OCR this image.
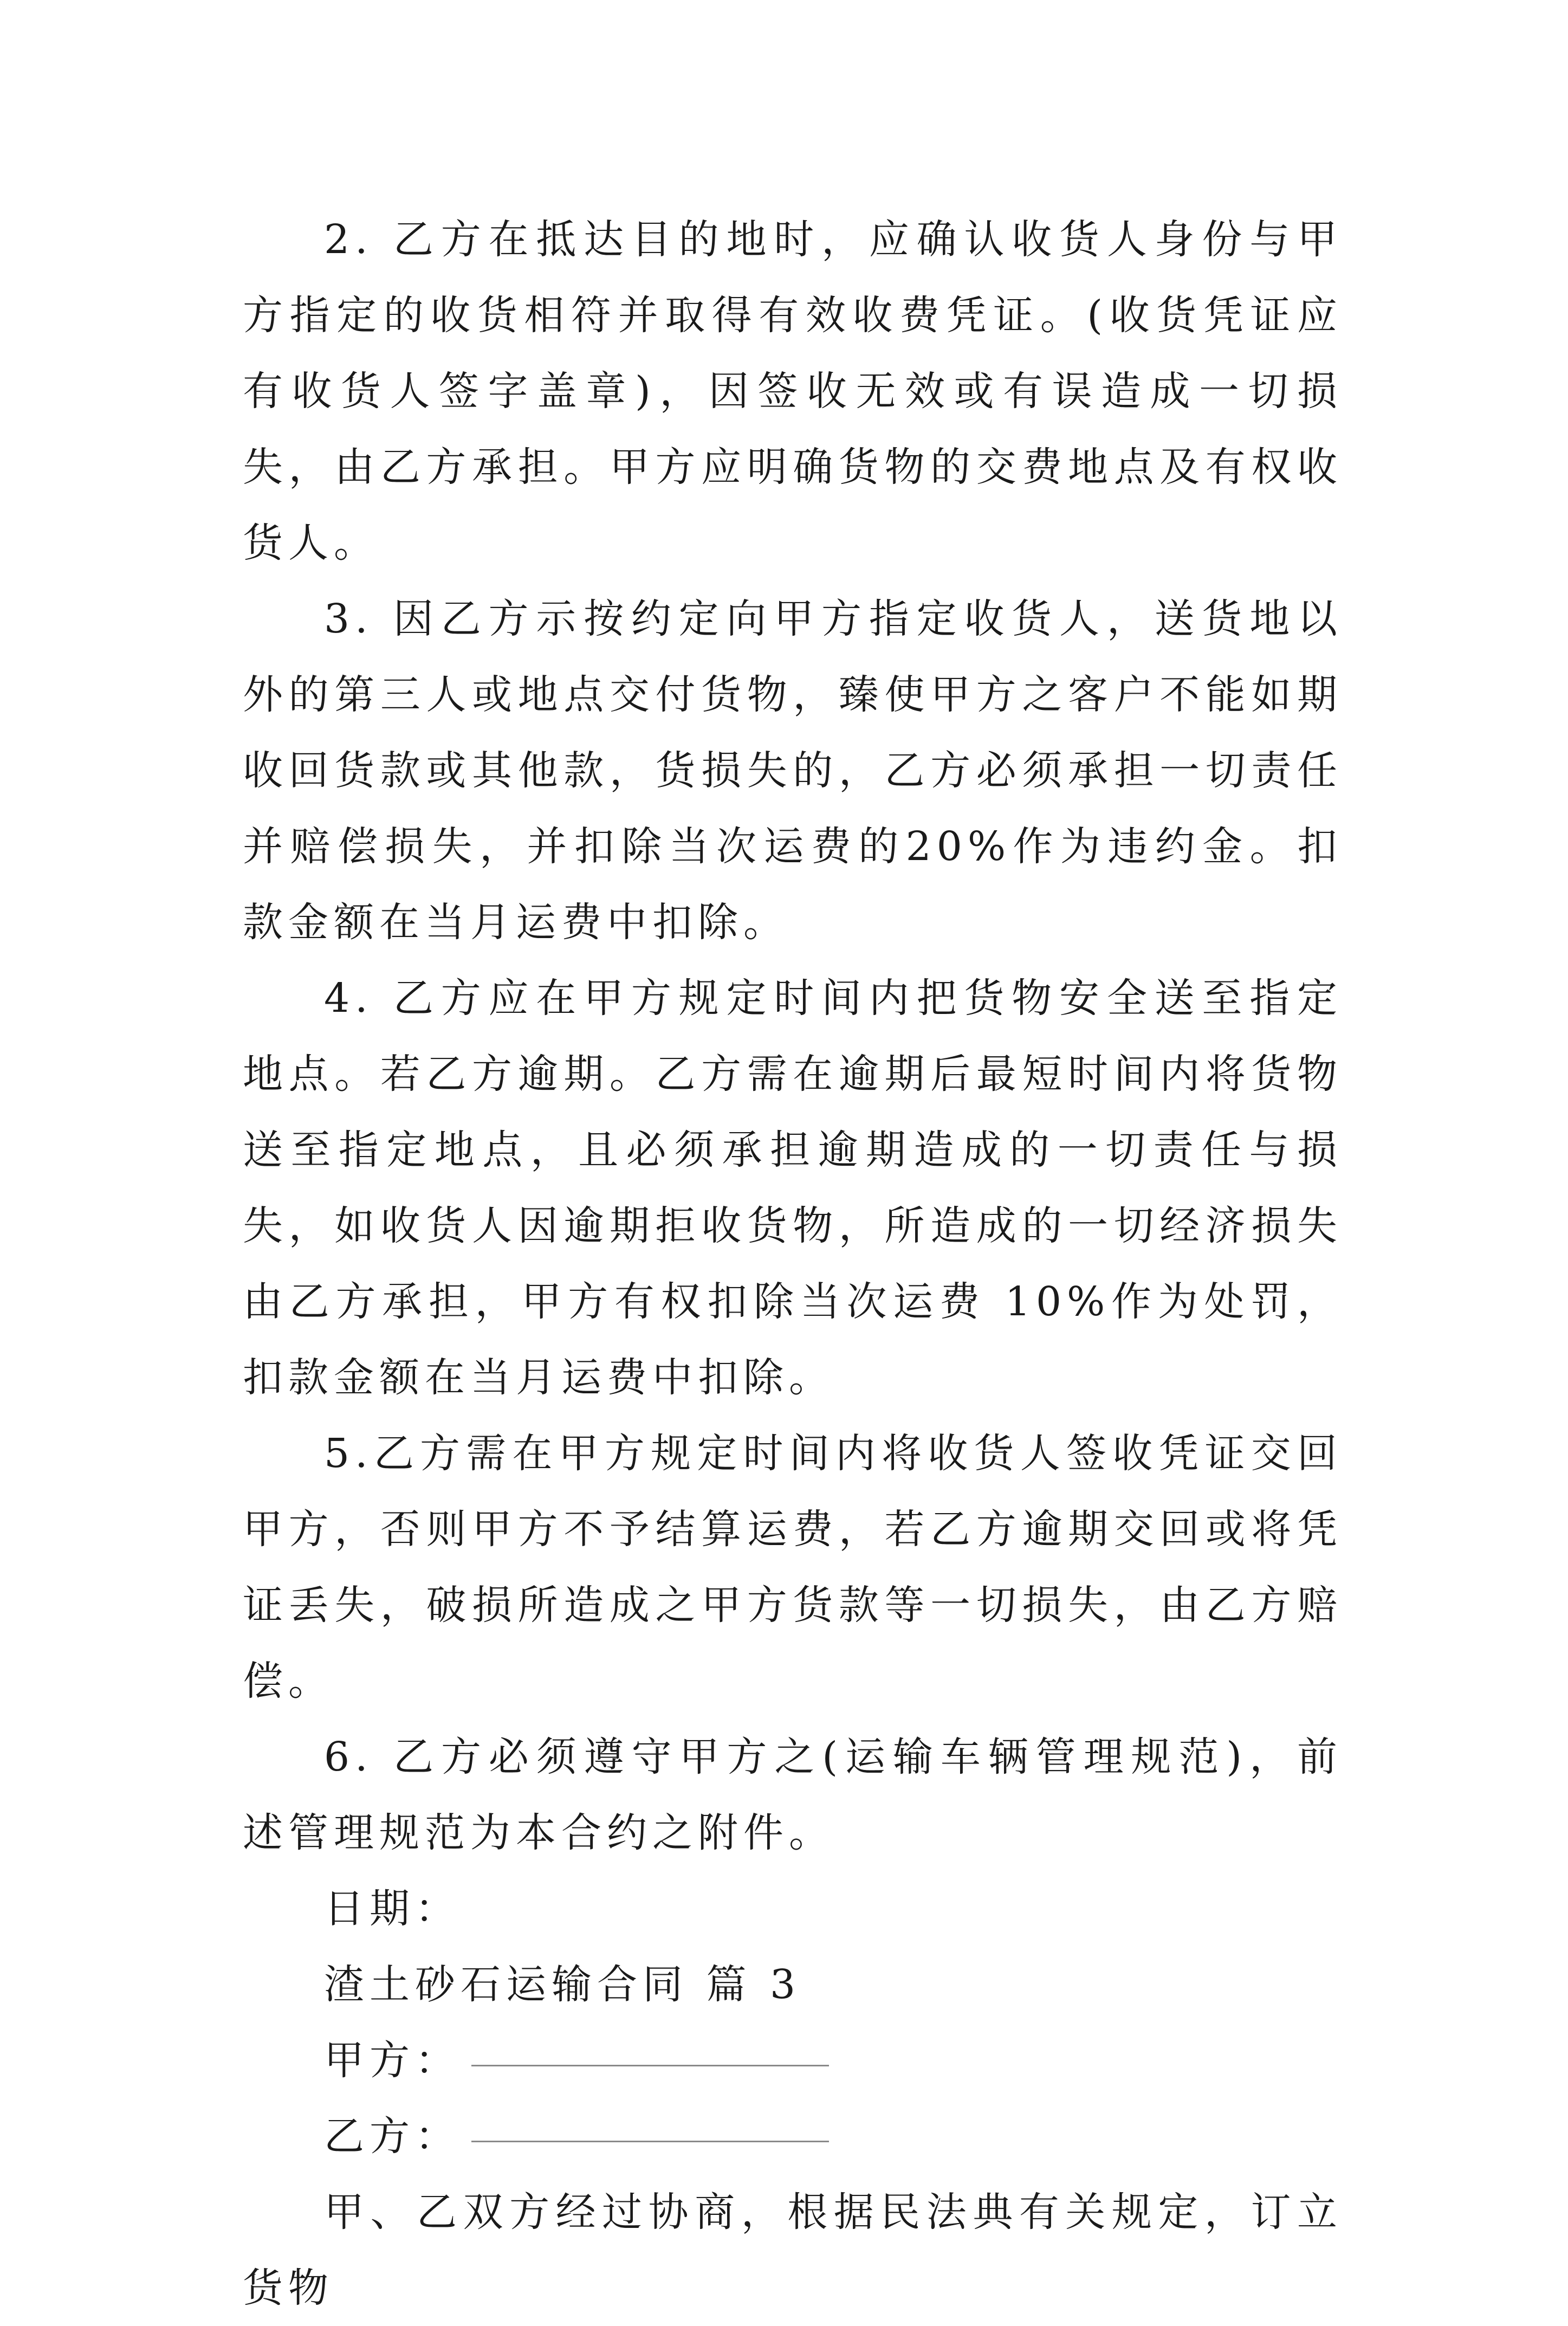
2. 乙方在抵达目的地时，应确认收货人身份与甲方指定的收货相符并取得有效收费凭证。(收货凭证应有收货人签字盖章)，因签收无效或有误造成一切损失，由乙方承担。甲方应明确货物的交费地点及有权收货人。

3. 因乙方示按约定向甲方指定收货人，送货地以外的第三人或地点交付货物，臻使甲方之客户不能如期收回货款或其他款，货损失的，乙方必须承担一切责任并赔偿损失，并扣除当次运费的20%作为违约金。扣款金额在当月运费中扣除。

4. 乙方应在甲方规定时间内把货物安全送至指定地点。若乙方逾期。乙方需在逾期后最短时间内将货物送至指定地点，且必须承担逾期造成的一切责任与损失，如收货人因逾期拒收货物，所造成的一切经济损失由乙方承担，甲方有权扣除当次运费 10%作为处罚，扣款金额在当月运费中扣除。

5.乙方需在甲方规定时间内将收货人签收凭证交回甲方，否则甲方不予结算运费，若乙方逾期交回或将凭证丢失，破损所造成之甲方货款等一切损失，由乙方赔偿。

6. 乙方必须遵守甲方之(运输车辆管理规范)，前述管理规范为本合约之附件。

日期：

渣土砂石运输合同 篇 3

甲方：
乙方：

甲、乙双方经过协商，根据民法典有关规定，订立货物
